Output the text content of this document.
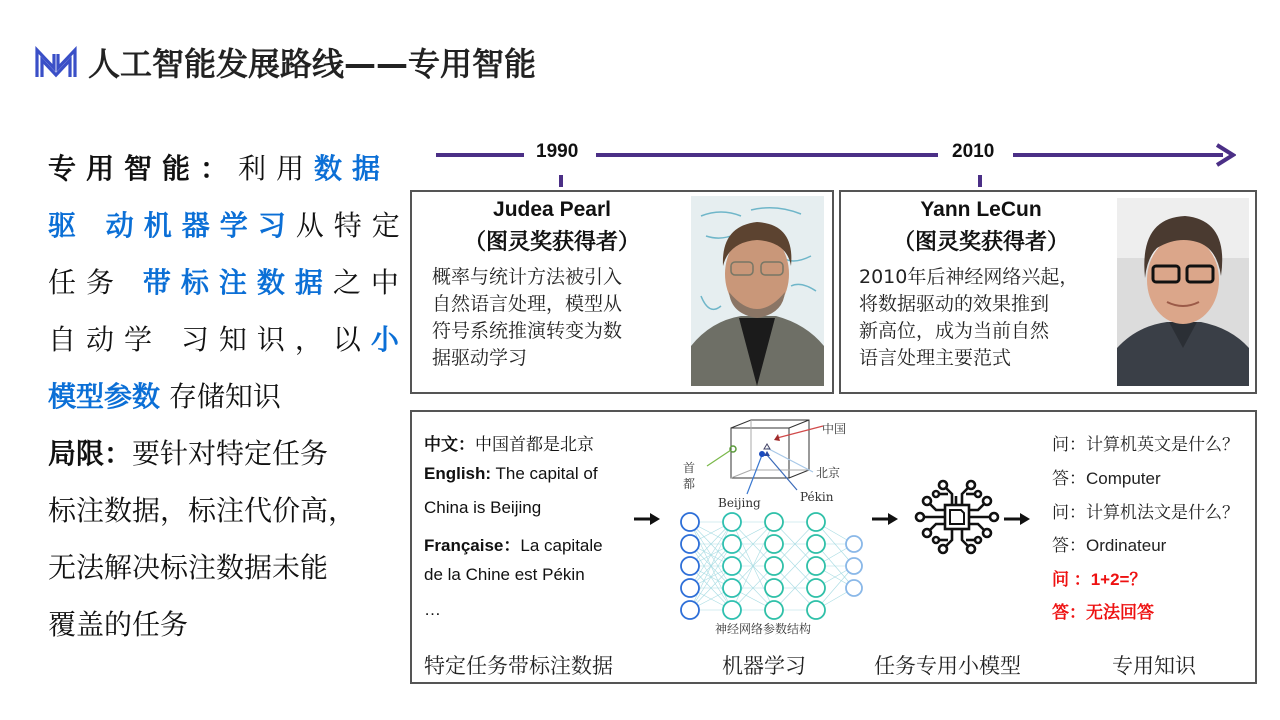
人工智能发展路线——专用智能
专用智能：利用数据
驱 动机器学习从特定
任务 带标注数据之中
自动学 习知识，以小
模型参数 存储知识
局限：要针对特定任务
标注数据，标注代价高，
无法解决标注数据未能
覆盖的任务
1990	2010
Judea Pearl
（图灵奖获得者）
概率与统计方法被引入
自然语言处理，模型从
符号系统推演转变为数
据驱动学习
Yann LeCun
（图灵奖获得者）
2010年后神经网络兴起，
将数据驱动的效果推到
新高位，成为当前自然
语言处理主要范式
中文：中国首都是北京
English: The capital of
China is Beijing
Française：La capitale
de la Chine est Pékin
…
中国
首都
北京
Beijing	Pékin
神经网络参数结构
问：计算机英文是什么？
答：Computer
问：计算机法文是什么？
答：Ordinateur
问 ：1+2=？
答：无法回答
特定任务带标注数据	机器学习	任务专用小模型	专用知识
